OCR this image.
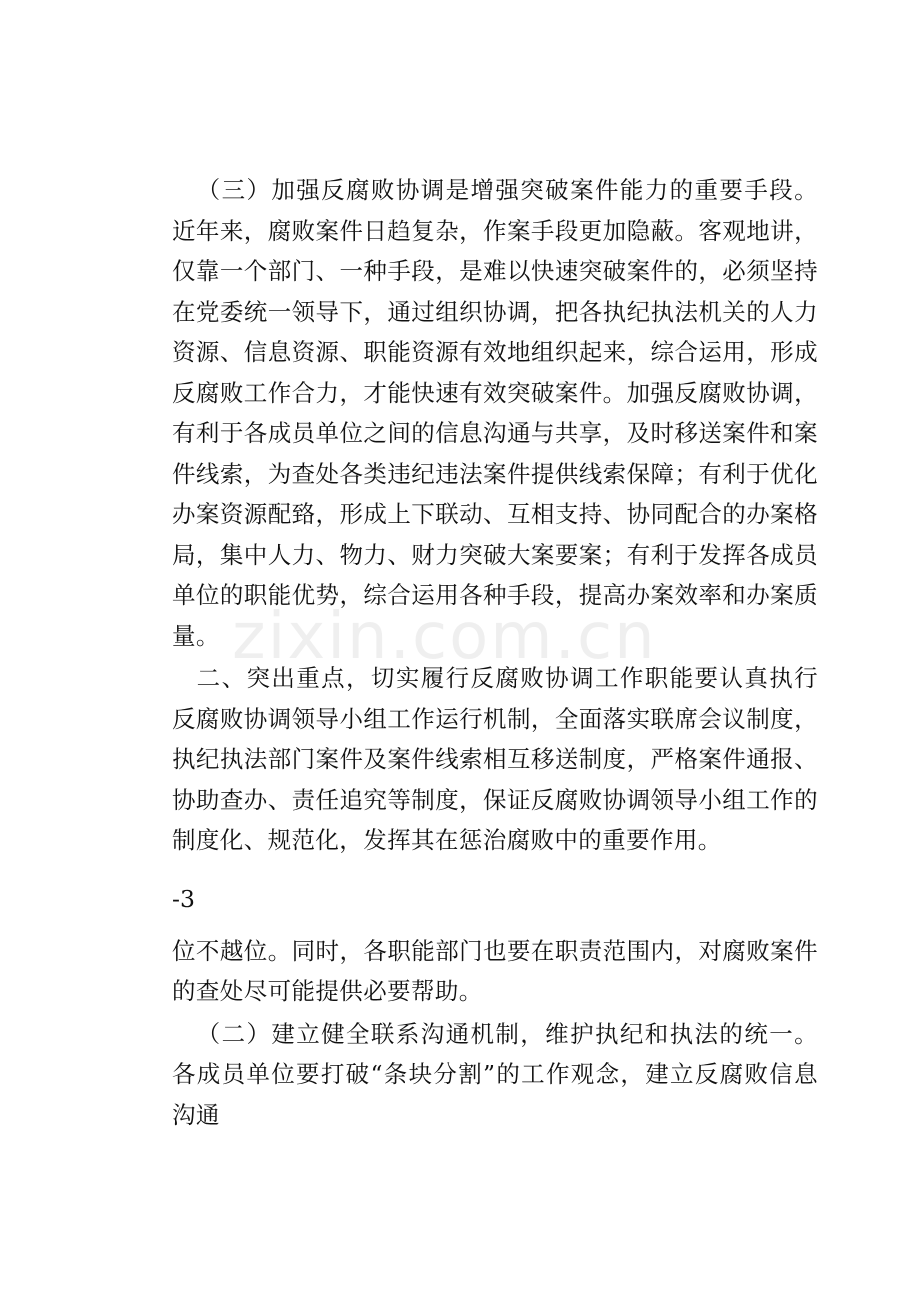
（三）加强反腐败协调是增强突破案件能力的重要手段。近年来，腐败案件日趋复杂，作案手段更加隐蔽。客观地讲，仅靠一个部门、一种手段，是难以快速突破案件的，必须坚持在党委统一领导下，通过组织协调，把各执纪执法机关的人力资源、信息资源、职能资源有效地组织起来，综合运用，形成反腐败工作合力，才能快速有效突破案件。加强反腐败协调，有利于各成员单位之间的信息沟通与共享，及时移送案件和案件线索，为查处各类违纪违法案件提供线索保障；有利于优化办案资源配臵，形成上下联动、互相支持、协同配合的办案格局，集中人力、物力、财力突破大案要案；有利于发挥各成员单位的职能优势，综合运用各种手段，提高办案效率和办案质量。

二、突出重点，切实履行反腐败协调工作职能要认真执行反腐败协调领导小组工作运行机制，全面落实联席会议制度，执纪执法部门案件及案件线索相互移送制度，严格案件通报、协助查办、责任追究等制度，保证反腐败协调领导小组工作的制度化、规范化，发挥其在惩治腐败中的重要作用。

-3

位不越位。同时，各职能部门也要在职责范围内，对腐败案件的查处尽可能提供必要帮助。

（二）建立健全联系沟通机制，维护执纪和执法的统一。各成员单位要打破“条块分割”的工作观念，建立反腐败信息沟通

zixin.com.cn
